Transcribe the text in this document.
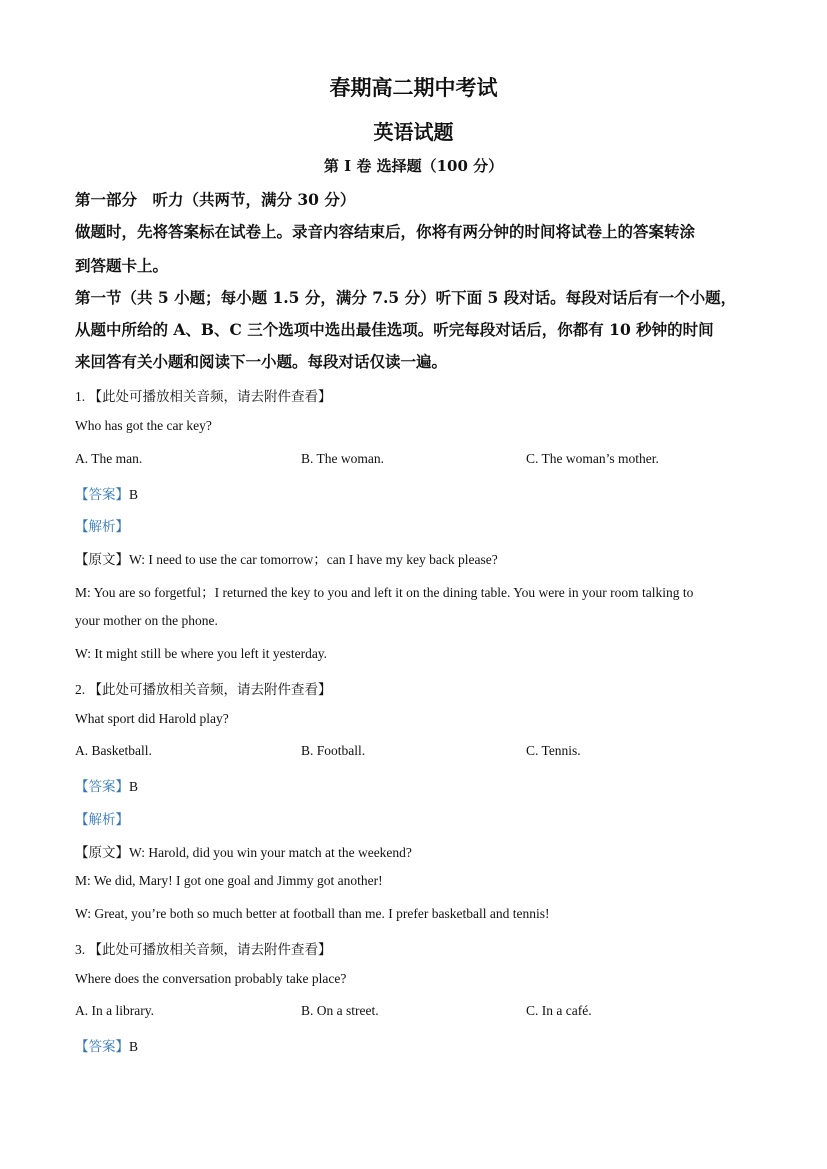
春期高二期中考试
英语试题
第 I 卷 选择题（100 分）
第一部分　听力（共两节，满分 30 分）
做题时，先将答案标在试卷上。录音内容结束后，你将有两分钟的时间将试卷上的答案转涂
到答题卡上。
第一节（共 5 小题；每小题 1.5 分，满分 7.5 分）听下面 5 段对话。每段对话后有一个小题，
从题中所给的 A、B、C 三个选项中选出最佳选项。听完每段对话后，你都有 10 秒钟的时间
来回答有关小题和阅读下一小题。每段对话仅读一遍。
1. 【此处可播放相关音频，请去附件查看】
Who has got the car key?
A. The man.	B. The woman.	C. The woman’s mother.
【答案】B
【解析】
【原文】W: I need to use the car tomorrow；can I have my key back please?
M: You are so forgetful；I returned the key to you and left it on the dining table. You were in your room talking to
your mother on the phone.
W: It might still be where you left it yesterday.
2. 【此处可播放相关音频，请去附件查看】
What sport did Harold play?
A. Basketball.	B. Football.	C. Tennis.
【答案】B
【解析】
【原文】W: Harold, did you win your match at the weekend?
M: We did, Mary! I got one goal and Jimmy got another!
W: Great, you’re both so much better at football than me. I prefer basketball and tennis!
3. 【此处可播放相关音频，请去附件查看】
Where does the conversation probably take place?
A. In a library.	B. On a street.	C. In a café.
【答案】B
